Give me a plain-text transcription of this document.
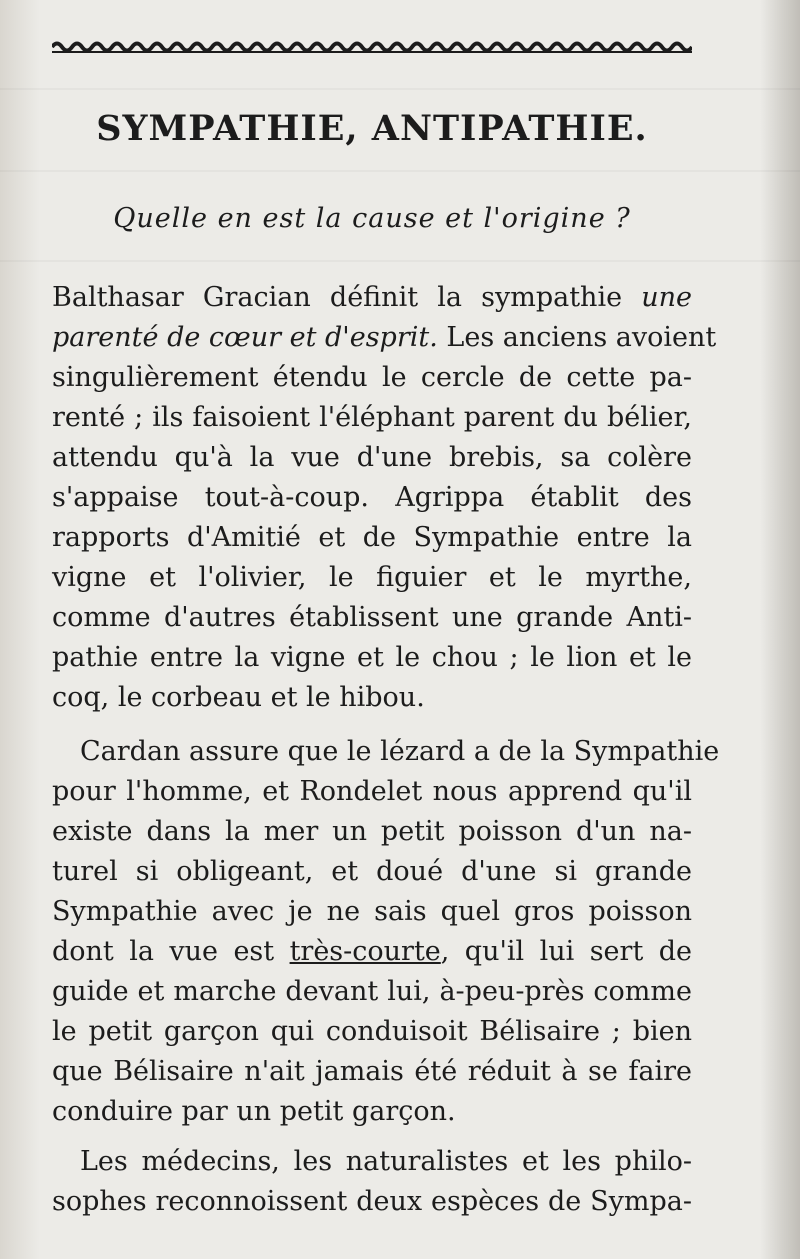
SYMPATHIE, ANTIPATHIE.
Quelle en est la cause et l'origine ?
Balthasar Gracian définit la sympathie une
parenté de cœur et d'esprit. Les anciens avoient
singulièrement étendu le cercle de cette pa-
renté ; ils faisoient l'éléphant parent du bélier,
attendu qu'à la vue d'une brebis, sa colère
s'appaise tout-à-coup. Agrippa établit des
rapports d'Amitié et de Sympathie entre la
vigne et l'olivier, le figuier et le myrthe,
comme d'autres établissent une grande Anti-
pathie entre la vigne et le chou ; le lion et le
coq, le corbeau et le hibou.
Cardan assure que le lézard a de la Sympathie
pour l'homme, et Rondelet nous apprend qu'il
existe dans la mer un petit poisson d'un na-
turel si obligeant, et doué d'une si grande
Sympathie avec je ne sais quel gros poisson
dont la vue est très-courte, qu'il lui sert de
guide et marche devant lui, à-peu-près comme
le petit garçon qui conduisoit Bélisaire ; bien
que Bélisaire n'ait jamais été réduit à se faire
conduire par un petit garçon.
Les médecins, les naturalistes et les philo-
sophes reconnoissent deux espèces de Sympa-
